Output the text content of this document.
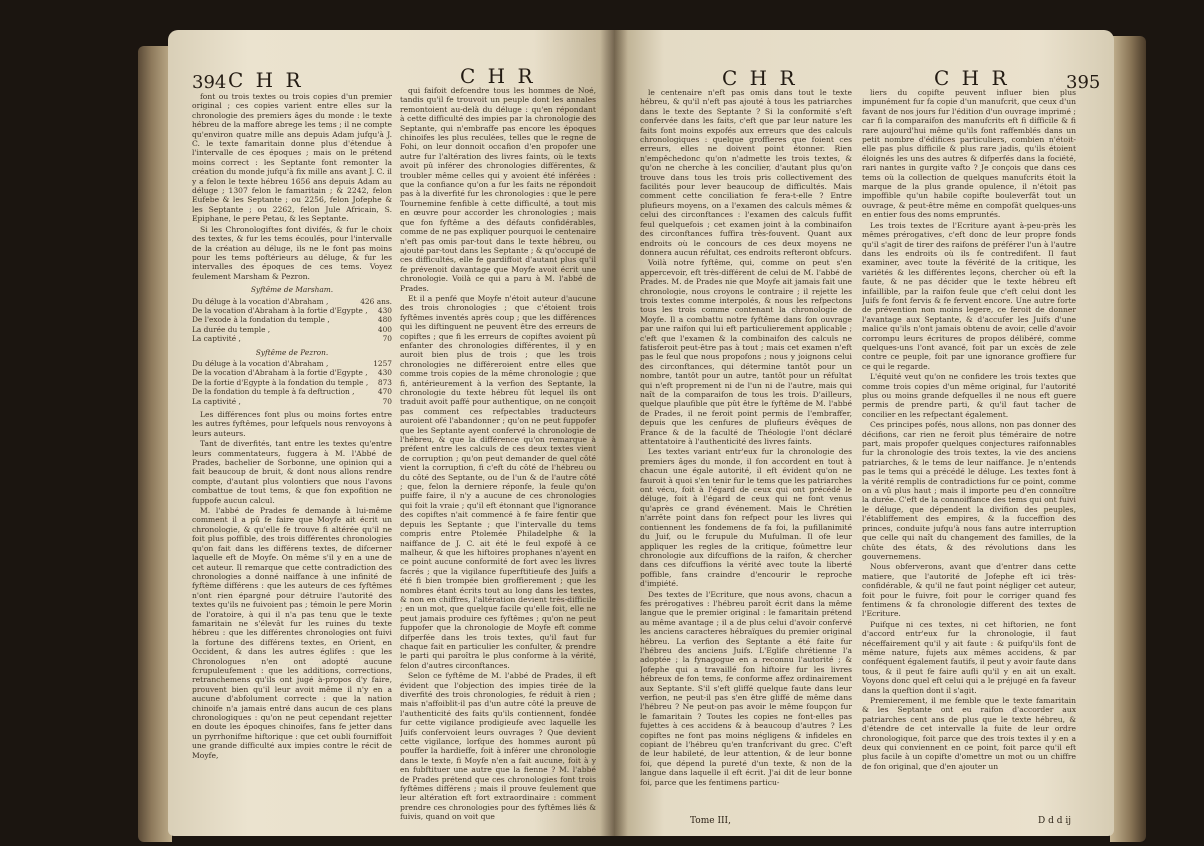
394 C H R	C H R

font ou trois textes ou trois copies d'un premier original ; ces copies varient entre elles sur la chronologie des premiers âges du monde : le texte hébreu de la maffore abrege les tems ; il ne compte qu'environ quatre mille ans depuis Adam jufqu'à J. C. le texte famaritain donne plus d'étendue à l'intervalle de ces époques ; mais on le prétend moins correct : les Septante font remonter la création du monde jufqu'à fix mille ans avant J. C. il y a felon le texte hébreu 1656 ans depuis Adam au déluge ; 1307 felon le famaritain ; & 2242, felon Eufebe & les Septante ; ou 2256, felon Jofephe & les Septante ; ou 2262, felon Jule Africain, S. Epiphane, le pere Petau, & les Septante.

Si les Chronologiftes font divifés, & fur le choix des textes, & fur les tems écoulés, pour l'intervalle de la création au déluge, ils ne le font pas moins pour les tems poftérieurs au déluge, & fur les intervalles des époques de ces tems. Voyez feulement Marsham & Pezron.

Syftême de Marsham.
Du déluge à la vocation d'Abraham ,	426 ans.
De la vocation d'Abraham à la fortie d'Egypte , 430
De l'exode à la fondation du temple ,	480
La durée du temple ,	400
La captivité ,	70
Syftême de Pezron.
Du déluge à la vocation d'Abraham ,	1257
De la vocation d'Abraham à la fortie d'Egypte , 430
De la fortie d'Egypte à la fondation du temple , 873
De la fondation du temple à fa deftruction ,	470
La captivité ,	70

Les différences font plus ou moins fortes entre les autres fyftêmes, pour lefquels nous renvoyons à leurs auteurs.

Tant de diverfités, tant entre les textes qu'entre leurs commentateurs, fuggera à M. l'Abbé de Prades, bachelier de Sorbonne, une opinion qui a fait beaucoup de bruit, & dont nous allons rendre compte, d'autant plus volontiers que nous l'avons combattue de tout tems, & que fon expofition ne fuppofe aucun calcul.

M. l'abbé de Prades fe demande à lui-même comment il a pû fe faire que Moyfe ait écrit un chronologie, & qu'elle fe trouve fi altérée qu'il ne foit plus poffible, des trois différentes chronologies qu'on fait dans les différens textes, de difcerner laquelle eft de Moyfe. On même s'il y en a une de cet auteur. Il remarque que cette contradiction des chronologies a donné naiffance à une infinité de fyftème différens : que les auteurs de ces fyftêmes n'ont rien épargné pour détruire l'autorité des textes qu'ils ne fuivoient pas ; témoin le pere Morin de l'oratoire, à qui il n'a pas tenu que le texte famaritain ne s'élevât fur les ruines du texte hébreu : que les différentes chronologies ont fuivi la fortune des différens textes, en Orient, en Occident, & dans les autres églifes : que les Chronologues n'en ont adopté aucune fcrupuleufement : que les additions, corrections, retranchemens qu'ils ont jugé à-propos d'y faire, prouvent bien qu'il leur avoit même il n'y en a aucune d'abfolument correcte : que la nation chinoife n'a jamais entré dans aucun de ces plans chronologiques : qu'on ne peut cependant rejetter en doute les époques chinoifes, fans fe jetter dans un pyrrhonifme hiftorique : que cet oubli fourniffoit une grande difficulté aux impies contre le récit de Moyfe,

qui faifoit defcendre tous les hommes de Noé, tandis qu'il fe trouvoit un peuple dont les annales remontoient au-delà du déluge : qu'en répondant à cette difficulté des impies par la chronologie des Septante, qui n'embraffe pas encore les époques chinoifes les plus reculées, telles que le regne de Fohi, on leur donnoit occafion d'en propofer une autre fur l'altération des livres faints, où le texts avoit pû inférer des chronologies différentes, & troubler même celles qui y avoient été inférées : que la confiance qu'on a fur les faits ne répondoit pas à la diverfité fur les chronologies : que le pere Tournemine fenfible à cette difficulté, a tout mis en œuvre pour accorder les chronologies ; mais que fon fyftême a des défauts confidérables, comme de ne pas expliquer pourquoi le centenaire n'eft pas omis par-tout dans le texte hébreu, ou ajouté par-tout dans les Septante ; & qu'occupé de ces difficultés, elle fe gardiffoit d'autant plus qu'il fe prévenoit davantage que Moyfe avoit écrit une chronologie. Voilà ce qui a paru à M. l'abbé de Prades.

Et il a penfé que Moyfe n'étoit auteur d'aucune des trois chronologies ; que c'étoient trois fyftêmes inventés après coup ; que les différences qui les diftinguent ne peuvent être des erreurs de copiftes ; que fi les erreurs de copiftes avoient pû enfanter des chronologies différentes, il y en auroit bien plus de trois ; que les trois chronologies ne différeroient entre elles que comme trois copies de la même chronologie ; que fi, antérieurement à la verfion des Septante, la chronologie du texte hébreu fût lequel ils ont traduit avoit paffé pour authentique, on ne conçoit pas comment ces refpectables traducteurs auroient ofé l'abandonner ; qu'on ne peut fuppofer que les Septante ayent confervé la chronologie de l'hébreu, & que la différence qu'on remarque à préfent entre les calculs de ces deux textes vient de corruption ; qu'on peut demander de quel côté vient la corruption, fi c'eft du côté de l'hébreu ou du côté des Septante, ou de l'un & de l'autre côté ; que, felon la derniere réponfe, la feule qu'on puiffe faire, il n'y a aucune de ces chronologies qui foit la vraie ; qu'il eft étonnant que l'ignorance des copiftes n'ait commencé à fe faire fentir que depuis les Septante ; que l'intervalle du tems compris entre Ptolemée Philadelphe & la naiffance de J. C. ait été le feul expofé à ce malheur, & que les hiftoires prophanes n'ayent en ce point aucune conformité de fort avec les livres facrés ; que la vigilance fuperftitieufe des Juifs a été fi bien trompée bien groffierement ; que les nombres étant écrits tout au long dans les textes, & non en chiffres, l'altération devient très-difficile ; en un mot, que quelque facile qu'elle foit, elle ne peut jamais produire ces fyftêmes ; qu'on ne peut fuppofer que la chronologie de Moyfe eft comme difperfée dans les trois textes, qu'il faut fur chaque fait en particulier les confulter, & prendre le parti qui paroîtra le plus conforme à la vérité, felon d'autres circonftances.

Selon ce fyftême de M. l'abbé de Prades, il eft évident que l'objection des impies tirée de la diverfité des trois chronologies, fe réduit à rien ; mais n'affoiblit-il pas d'un autre côté la preuve de l'authenticité des faits qu'ils contiennent, fondée fur cette vigilance prodigieufe avec laquelle les Juifs confervoient leurs ouvrages ? Que devient cette vigilance, lorfque des hommes auront pû pouffer la hardieffe, foit à inférer une chronologie dans le texte, fi Moyfe n'en a fait aucune, foit à y en fubftituer une autre que la fienne ? M. l'abbé de Prades prétend que ces chronologies font trois fyftêmes différens ; mais il prouve feulement que leur altération eft fort extraordinaire : comment prendre ces chronologies pour des fyftêmes liés & fuivis, quand on voit que

C H R	C H R	395

le centenaire n'eft pas omis dans tout le texte hébreu, & qu'il n'eft pas ajouté à tous les patriarches dans le texte des Septante ? Si la conformité s'eft confervée dans les faits, c'eft que par leur nature les faits font moins expofés aux erreurs que des calculs chronologiques : quelque groffieres que foient ces erreurs, elles ne doivent point étonner. Rien n'empêchedonc qu'on n'admette les trois textes, & qu'on ne cherche à les concilier, d'autant plus qu'on trouve dans tous les trois pris collectivement des facilités pour lever beaucoup de difficultés. Mais comment cette conciliation fe fera-t-elle ? Entre plufieurs moyens, on a l'examen des calculs mêmes & celui des circonftances : l'examen des calculs fuffit feul quelquefois ; cet examen joint à la combinaifon des circonftances fuffira très-fouvent. Quant aux endroits où le concours de ces deux moyens ne donnera aucun réfultat, ces endroits refteront obfcurs.

Voilà notre fyftême, qui, comme on peut s'en appercevoir, eft très-différent de celui de M. l'abbé de Prades. M. de Prades nie que Moyfe ait jamais fait une chronologie, nous croyons le contraire ; il rejette les trois textes comme interpolés, & nous les refpectons tous les trois comme contenant la chronologie de Moyfe. Il a combattu notre fyftême dans fon ouvrage par une raifon qui lui eft particulierement applicable ; c'eft que l'examen & la combinaifon des calculs ne fatisferoit peut-être pas à tout ; mais cet examen n'eft pas le feul que nous propofons ; nous y joignons celui des circonftances, qui détermine tantôt pour un nombre, tantôt pour un autre, tantôt pour un réfultat qui n'eft proprement ni de l'un ni de l'autre, mais qui naît de la comparaifon de tous les trois. D'ailleurs, quelque plaufible que pût être le fyftême de M. l'abbé de Prades, il ne feroit point permis de l'embraffer, depuis que les cenfures de plufieurs évêques de France & de la faculté de Théologie l'ont déclaré attentatoire à l'authenticité des livres faints.

Les textes variant entr'eux fur la chronologie des premiers âges du monde, il fon accordent en tout à chacun une égale autorité, il eft évident qu'on ne fauroit à quoi s'en tenir fur le tems que les patriarches ont vécu, foit à l'égard de ceux qui ont précédé le déluge, foit à l'égard de ceux qui ne font venus qu'après ce grand événement. Mais le Chrétien n'arrête point dans fon refpect pour les livres qui contiennent les fondemens de fa foi, la pufillanimité du Juif, ou le fcrupule du Mufulman. Il ofe leur appliquer les regles de la critique, foûmettre leur chronologie aux difcuffions de la raifon, & chercher dans ces difcuffions la vérité avec toute la liberté poffible, fans craindre d'encourir le reproche d'impiété.

Des textes de l'Ecriture, que nous avons, chacun a fes prérogatives : l'hébreu paroît écrit dans la même langue que le premier original : le famaritain prétend au même avantage ; il a de plus celui d'avoir confervé les anciens caracteres hébraïques du premier original hébreu. La verfion des Septante a été faite fur l'hébreu des anciens Juifs. L'Eglife chrétienne l'a adoptée ; la fynagogue en a reconnu l'autorité ; & Jofephe qui a travaillé fon hiftoire fur les livres hébreux de fon tems, fe conforme affez ordinairement aux Septante. S'il s'eft gliffé quelque faute dans leur verfion, ne peut-il pas s'en être gliffé de même dans l'hébreu ? Ne peut-on pas avoir le même foupçon fur le famaritain ? Toutes les copies ne font-elles pas fujettes à ces accidens & à beaucoup d'autres ? Les copiftes ne font pas moins négligens & infideles en copiant de l'hébreu qu'en tranfcrivant du grec. C'eft de leur habileté, de leur attention, & de leur bonne foi, que dépend la pureté d'un texte, & non de la langue dans laquelle il eft écrit. J'ai dit de leur bonne foi, parce que les fentimens particu-

Tome III,

liers du copifte peuvent influer bien plus impunément fur fa copie d'un manufcrit, que ceux d'un favant de nos jours fur l'édition d'un ouvrage imprimé ; car fi la comparaifon des manufcrits eft fi difficile & fi rare aujourd'hui même qu'ils font raffemblés dans un petit nombre d'édifices particuliers, combien n'étoit-elle pas plus difficile & plus rare jadis, qu'ils étoient éloignés les uns des autres & difperfés dans la fociété, rari nantes in gurgite vafto ? Je conçois que dans ces tems où la collection de quelques manufcrits étoit la marque de la plus grande opulence, il n'étoit pas impoffible qu'un habile copifte bouleverfât tout un ouvrage, & peut-être même en compofât quelques-uns en entier fous des noms empruntés.

Les trois textes de l'Ecriture ayant à-peu-près les mêmes prérogatives, c'eft donc de leur propre fonds qu'il s'agit de tirer des raifons de préférer l'un à l'autre dans les endroits où ils fe contredifent. Il faut examiner, avec toute la févérité de la critique, les variétés & les différentes leçons, chercher où eft la faute, & ne pas décider que le texte hébreu eft infaillible, par la raifon feule que c'eft celui dont les Juifs fe font fervis & fe fervent encore. Une autre forte de prévention non moins legere, ce feroit de donner l'avantage aux Septante, & d'accufer les Juifs d'une malice qu'ils n'ont jamais obtenu de avoir, celle d'avoir corrompu leurs écritures de propos délibéré, comme quelques-uns l'ont avancé, foit par un excès de zele contre ce peuple, foit par une ignorance groffiere fur ce qui le regarde.

L'équité veut qu'on ne confidere les trois textes que comme trois copies d'un même original, fur l'autorité plus ou moins grande defquelles il ne nous eft guere permis de prendre parti, & qu'il faut tacher de concilier en les refpectant également.

Ces principes pofés, nous allons, non pas donner des décifions, car rien ne feroit plus téméraire de notre part, mais propofer quelques conjectures raifonnables fur la chronologie des trois textes, la vie des anciens patriarches, & le tems de leur naiffance. Je n'entends pas le tems qui a précédé le déluge. Les textes font à la vérité remplis de contradictions fur ce point, comme on a vû plus haut ; mais il importe peu d'en connoître la durée. C'eft de la connoiffance des tems qui ont fuivi le déluge, que dépendent la divifion des peuples, l'établiffement des empires, & la fucceffion des princes, conduite jufqu'à nous fans autre interruption que celle qui naît du changement des familles, de la chûte des états, & des révolutions dans les gouvernemens.

Nous obferverons, avant que d'entrer dans cette matiere, que l'autorité de Jofephe eft ici très-confidérable, & qu'il ne faut point négliger cet auteur, foit pour le fuivre, foit pour le corriger quand fes fentimens & fa chronologie different des textes de l'Ecriture.

Puifque ni ces textes, ni cet hiftorien, ne font d'accord entr'eux fur la chronologie, il faut néceffairement qu'il y ait faute : & puifqu'ils font de même nature, fujets aux mêmes accidens, & par conféquent également fautifs, il peut y avoir faute dans tous, & il peut fe faire aufli qu'il y en ait un exalt. Voyons donc quel eft celui qui a le préjugé en fa faveur dans la queftion dont il s'agit.

Premierement, il me femble que le texte famaritain & les Septante ont eu raifon d'accorder aux patriarches cent ans de plus que le texte hébreu, & d'étendre de cet intervalle la fuite de leur ordre chronologique, foit parce que des trois textes il y en a deux qui conviennent en ce point, foit parce qu'il eft plus facile à un copifte d'omettre un mot ou un chiffre de fon original, que d'en ajouter un

D d d ij
